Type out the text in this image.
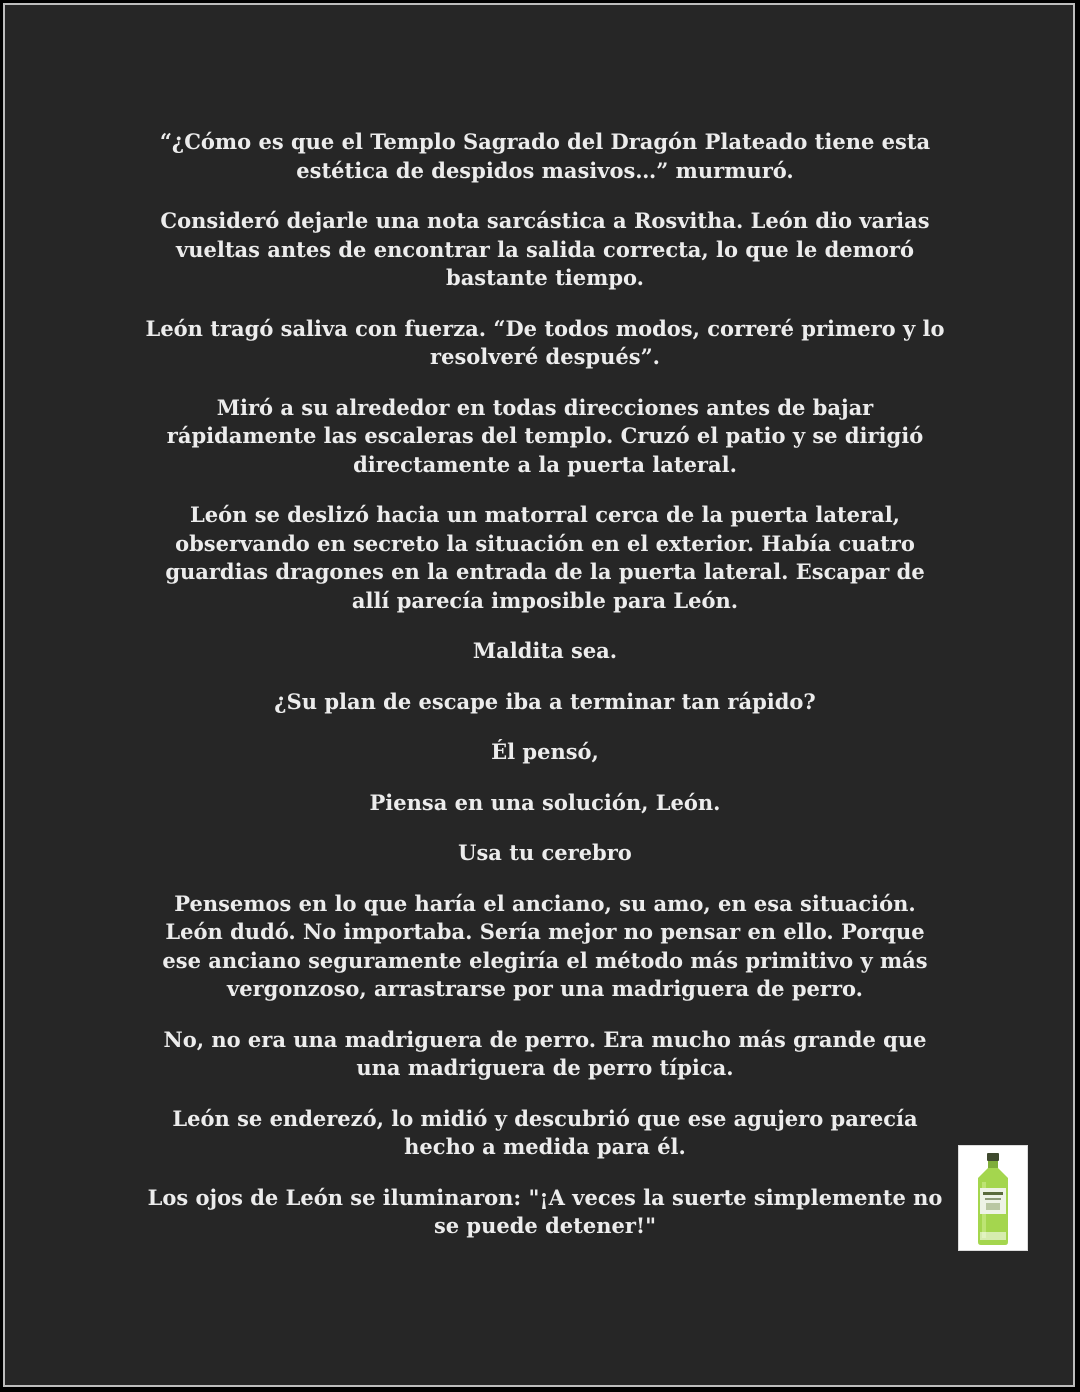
“¿Cómo es que el Templo Sagrado del Dragón Plateado tiene esta estética de despidos masivos…” murmuró.

Consideró dejarle una nota sarcástica a Rosvitha. León dio varias vueltas antes de encontrar la salida correcta, lo que le demoró bastante tiempo.

León tragó saliva con fuerza. “De todos modos, correré primero y lo resolveré después”.

Miró a su alrededor en todas direcciones antes de bajar rápidamente las escaleras del templo. Cruzó el patio y se dirigió directamente a la puerta lateral.

León se deslizó hacia un matorral cerca de la puerta lateral, observando en secreto la situación en el exterior. Había cuatro guardias dragones en la entrada de la puerta lateral. Escapar de allí parecía imposible para León.

Maldita sea.

¿Su plan de escape iba a terminar tan rápido?

Él pensó,

Piensa en una solución, León.

Usa tu cerebro

Pensemos en lo que haría el anciano, su amo, en esa situación. León dudó. No importaba. Sería mejor no pensar en ello. Porque ese anciano seguramente elegiría el método más primitivo y más vergonzoso, arrastrarse por una madriguera de perro.

No, no era una madriguera de perro. Era mucho más grande que una madriguera de perro típica.

León se enderezó, lo midió y descubrió que ese agujero parecía hecho a medida para él.

Los ojos de León se iluminaron: "¡A veces la suerte simplemente no se puede detener!"
